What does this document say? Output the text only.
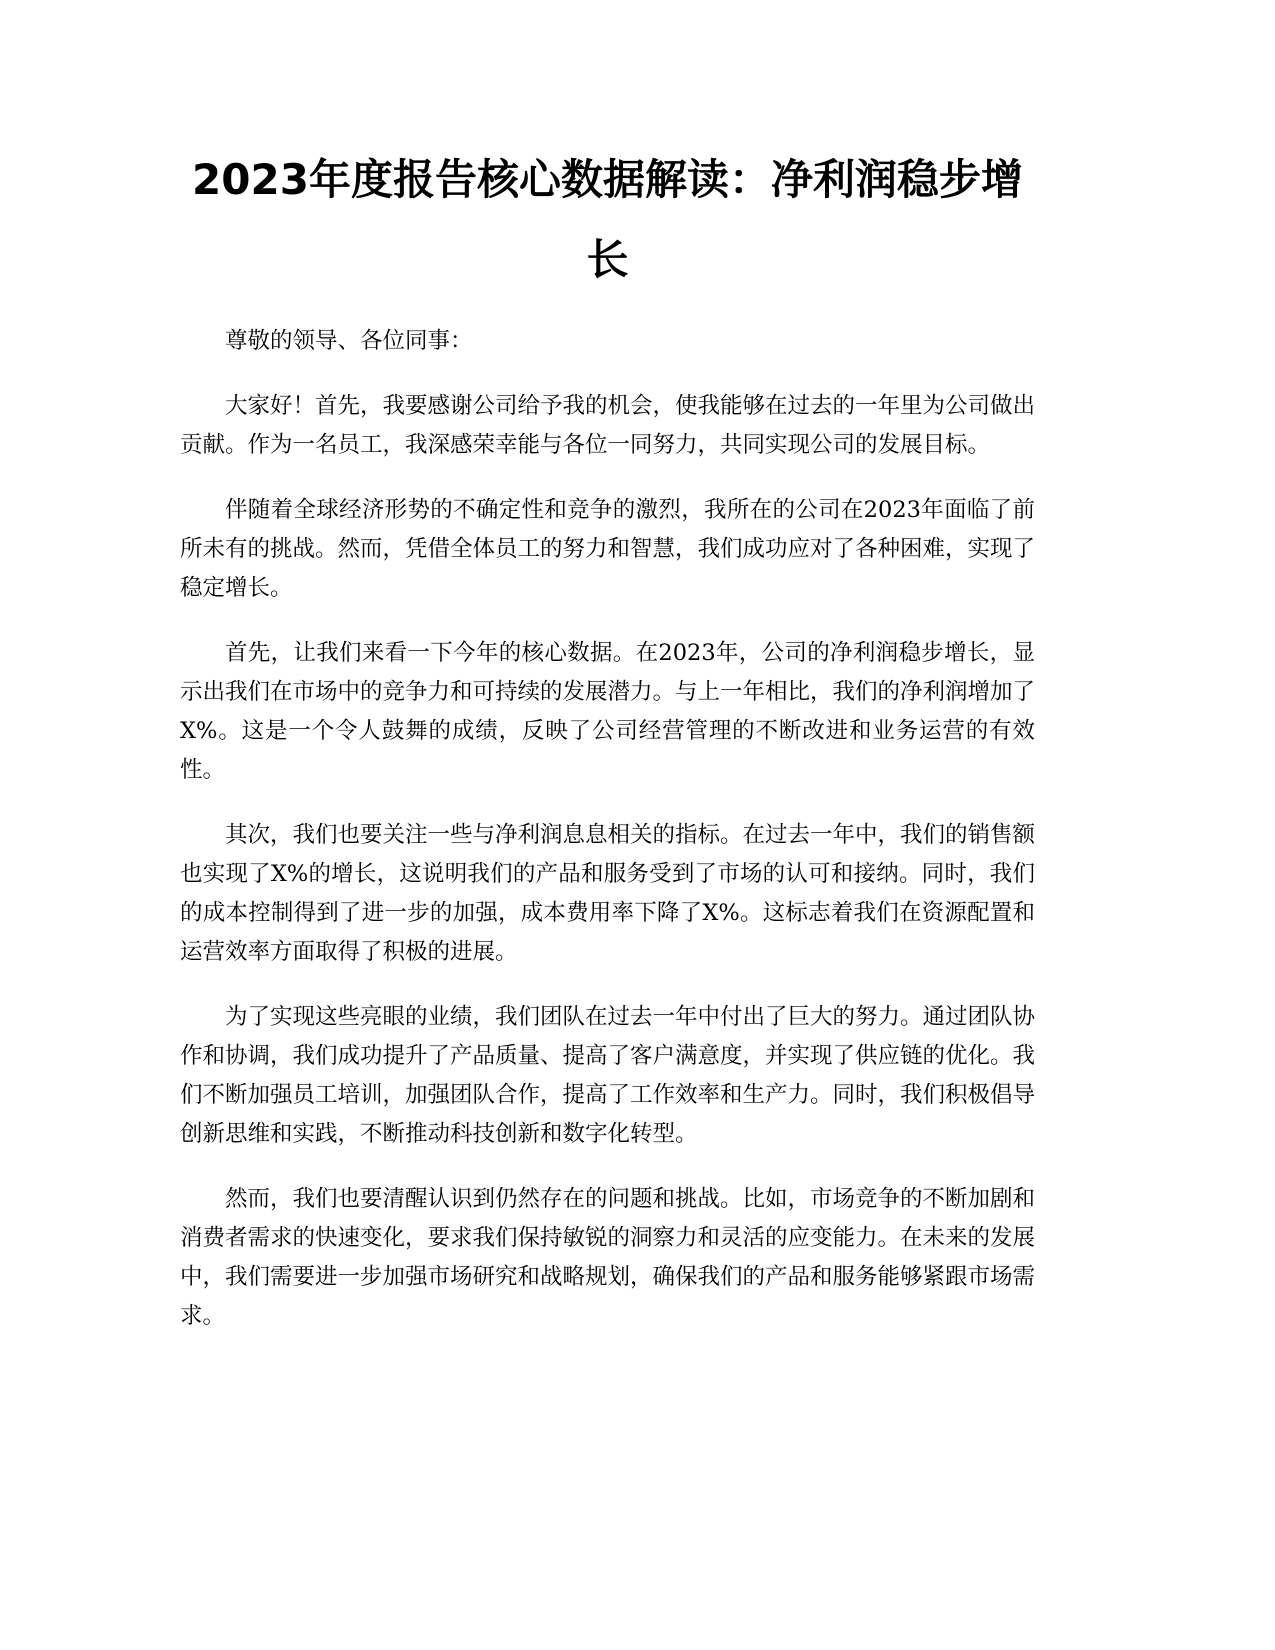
2023年度报告核心数据解读：净利润稳步增长

尊敬的领导、各位同事：

大家好！首先，我要感谢公司给予我的机会，使我能够在过去的一年里为公司做出贡献。作为一名员工，我深感荣幸能与各位一同努力，共同实现公司的发展目标。

伴随着全球经济形势的不确定性和竞争的激烈，我所在的公司在2023年面临了前所未有的挑战。然而，凭借全体员工的努力和智慧，我们成功应对了各种困难，实现了稳定增长。

首先，让我们来看一下今年的核心数据。在2023年，公司的净利润稳步增长，显示出我们在市场中的竞争力和可持续的发展潜力。与上一年相比，我们的净利润增加了X%。这是一个令人鼓舞的成绩，反映了公司经营管理的不断改进和业务运营的有效性。

其次，我们也要关注一些与净利润息息相关的指标。在过去一年中，我们的销售额也实现了X%的增长，这说明我们的产品和服务受到了市场的认可和接纳。同时，我们的成本控制得到了进一步的加强，成本费用率下降了X%。这标志着我们在资源配置和运营效率方面取得了积极的进展。

为了实现这些亮眼的业绩，我们团队在过去一年中付出了巨大的努力。通过团队协作和协调，我们成功提升了产品质量、提高了客户满意度，并实现了供应链的优化。我们不断加强员工培训，加强团队合作，提高了工作效率和生产力。同时，我们积极倡导创新思维和实践，不断推动科技创新和数字化转型。

然而，我们也要清醒认识到仍然存在的问题和挑战。比如，市场竞争的不断加剧和消费者需求的快速变化，要求我们保持敏锐的洞察力和灵活的应变能力。在未来的发展中，我们需要进一步加强市场研究和战略规划，确保我们的产品和服务能够紧跟市场需求。
